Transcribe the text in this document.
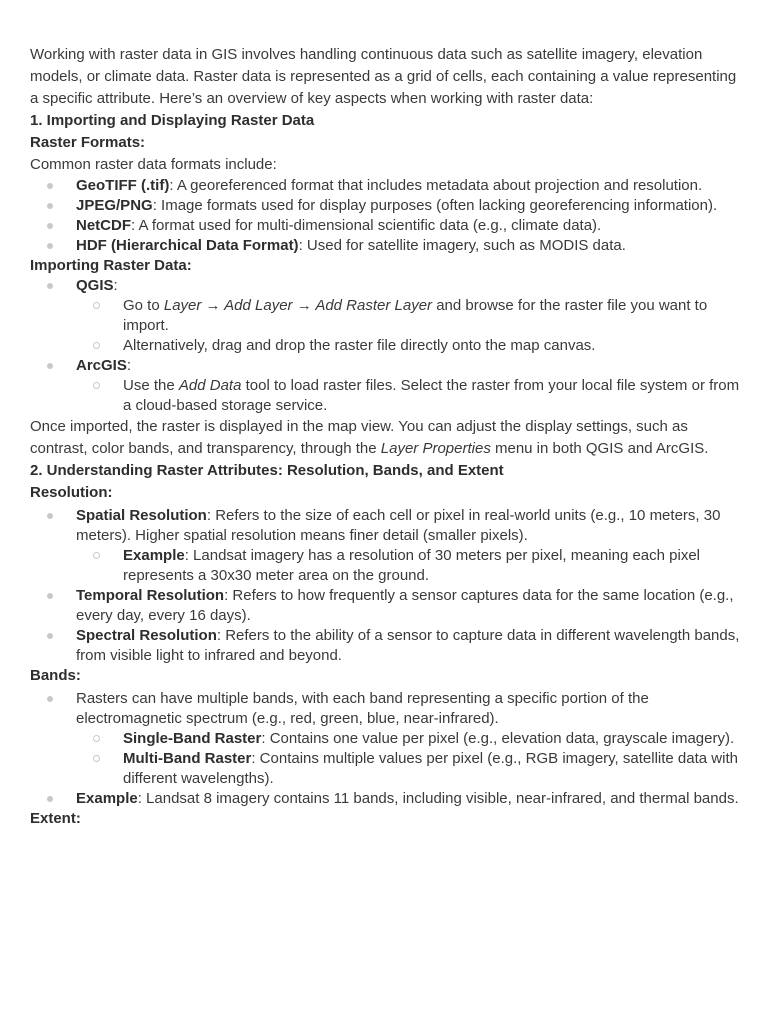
Working with raster data in GIS involves handling continuous data such as satellite imagery, elevation models, or climate data. Raster data is represented as a grid of cells, each containing a value representing a specific attribute. Here’s an overview of key aspects when working with raster data:

1. Importing and Displaying Raster Data

Raster Formats:

Common raster data formats include:

GeoTIFF (.tif): A georeferenced format that includes metadata about projection and resolution.
JPEG/PNG: Image formats used for display purposes (often lacking georeferencing information).
NetCDF: A format used for multi-dimensional scientific data (e.g., climate data).
HDF (Hierarchical Data Format): Used for satellite imagery, such as MODIS data.

Importing Raster Data:

QGIS:
Go to Layer → Add Layer → Add Raster Layer and browse for the raster file you want to import.
Alternatively, drag and drop the raster file directly onto the map canvas.
ArcGIS:
Use the Add Data tool to load raster files. Select the raster from your local file system or from a cloud-based storage service.

Once imported, the raster is displayed in the map view. You can adjust the display settings, such as contrast, color bands, and transparency, through the Layer Properties menu in both QGIS and ArcGIS.

2. Understanding Raster Attributes: Resolution, Bands, and Extent

Resolution:

Spatial Resolution: Refers to the size of each cell or pixel in real-world units (e.g., 10 meters, 30 meters). Higher spatial resolution means finer detail (smaller pixels).
Example: Landsat imagery has a resolution of 30 meters per pixel, meaning each pixel represents a 30x30 meter area on the ground.
Temporal Resolution: Refers to how frequently a sensor captures data for the same location (e.g., every day, every 16 days).
Spectral Resolution: Refers to the ability of a sensor to capture data in different wavelength bands, from visible light to infrared and beyond.

Bands:

Rasters can have multiple bands, with each band representing a specific portion of the electromagnetic spectrum (e.g., red, green, blue, near-infrared).
Single-Band Raster: Contains one value per pixel (e.g., elevation data, grayscale imagery).
Multi-Band Raster: Contains multiple values per pixel (e.g., RGB imagery, satellite data with different wavelengths).
Example: Landsat 8 imagery contains 11 bands, including visible, near-infrared, and thermal bands.

Extent:
